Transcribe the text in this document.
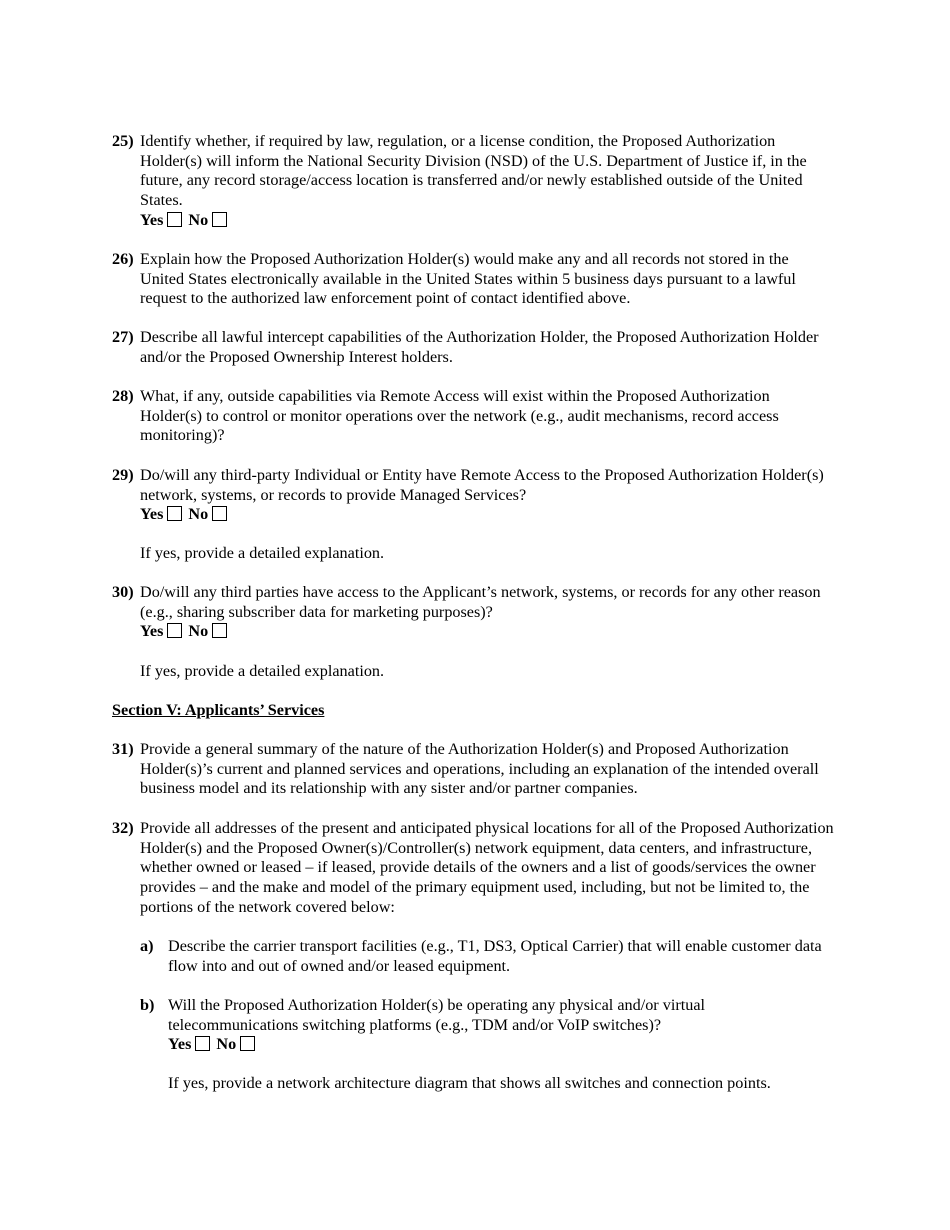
25) Identify whether, if required by law, regulation, or a license condition, the Proposed Authorization Holder(s) will inform the National Security Division (NSD) of the U.S. Department of Justice if, in the future, any record storage/access location is transferred and/or newly established outside of the United States.
Yes No
26) Explain how the Proposed Authorization Holder(s) would make any and all records not stored in the United States electronically available in the United States within 5 business days pursuant to a lawful request to the authorized law enforcement point of contact identified above.
27) Describe all lawful intercept capabilities of the Authorization Holder, the Proposed Authorization Holder and/or the Proposed Ownership Interest holders.
28) What, if any, outside capabilities via Remote Access will exist within the Proposed Authorization Holder(s) to control or monitor operations over the network (e.g., audit mechanisms, record access monitoring)?
29) Do/will any third-party Individual or Entity have Remote Access to the Proposed Authorization Holder(s) network, systems, or records to provide Managed Services?
Yes No
If yes, provide a detailed explanation.
30) Do/will any third parties have access to the Applicant’s network, systems, or records for any other reason (e.g., sharing subscriber data for marketing purposes)?
Yes No
If yes, provide a detailed explanation.
Section V: Applicants’ Services
31) Provide a general summary of the nature of the Authorization Holder(s) and Proposed Authorization Holder(s)’s current and planned services and operations, including an explanation of the intended overall business model and its relationship with any sister and/or partner companies.
32) Provide all addresses of the present and anticipated physical locations for all of the Proposed Authorization Holder(s) and the Proposed Owner(s)/Controller(s) network equipment, data centers, and infrastructure, whether owned or leased – if leased, provide details of the owners and a list of goods/services the owner provides – and the make and model of the primary equipment used, including, but not be limited to, the portions of the network covered below:
a) Describe the carrier transport facilities (e.g., T1, DS3, Optical Carrier) that will enable customer data flow into and out of owned and/or leased equipment.
b) Will the Proposed Authorization Holder(s) be operating any physical and/or virtual telecommunications switching platforms (e.g., TDM and/or VoIP switches)?
Yes No
If yes, provide a network architecture diagram that shows all switches and connection points.
